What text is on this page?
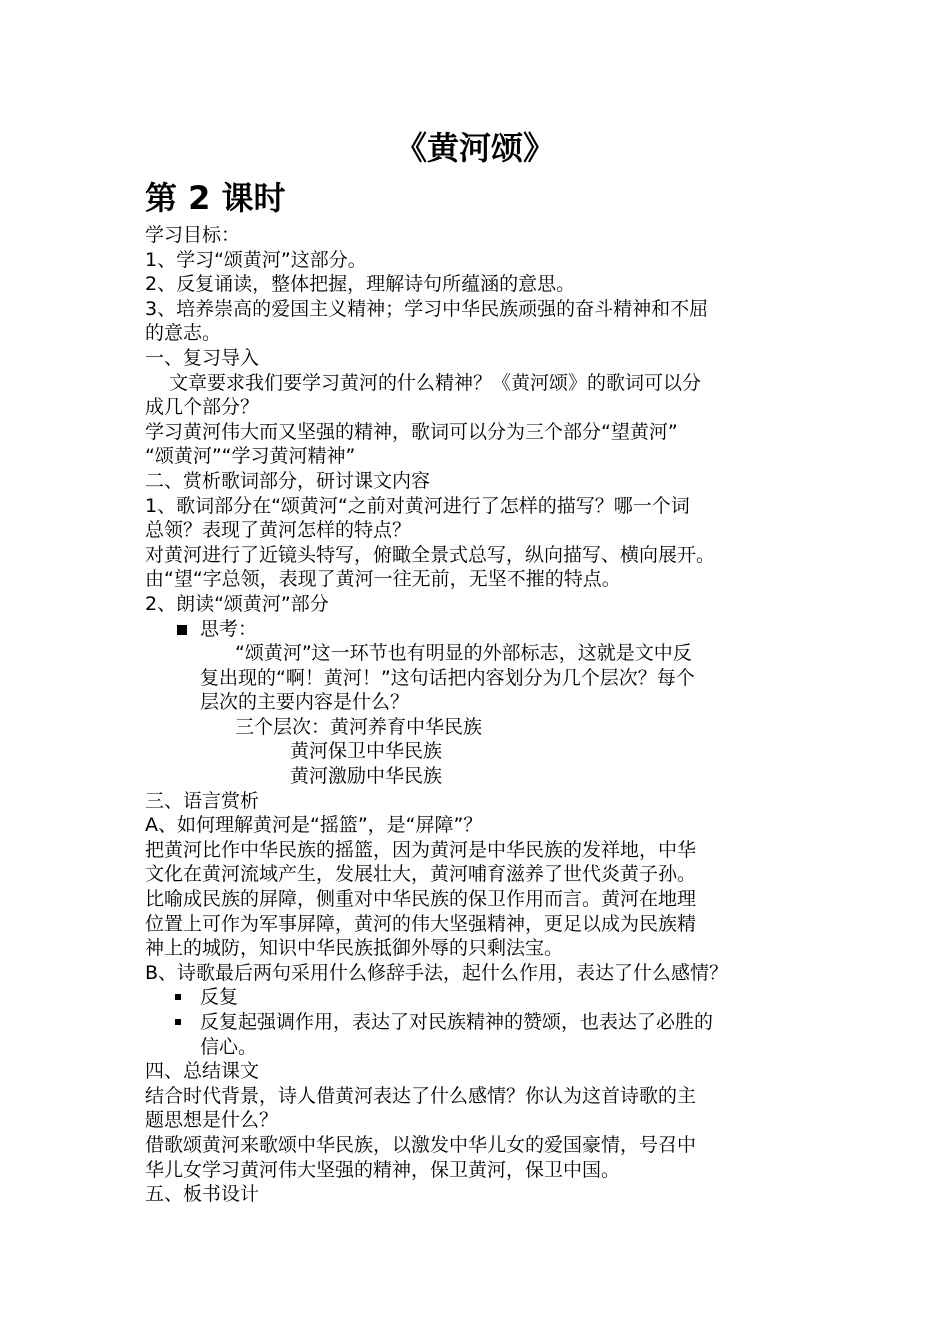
《黄河颂》
第 2 课时

学习目标：

1、学习“颂黄河”这部分。

2、反复诵读，整体把握，理解诗句所蕴涵的意思。

3、培养崇高的爱国主义精神；学习中华民族顽强的奋斗精神和不屈

的意志。

一、复习导入

文章要求我们要学习黄河的什么精神？《黄河颂》的歌词可以分

成几个部分？

学习黄河伟大而又坚强的精神，歌词可以分为三个部分“望黄河”

“颂黄河”“学习黄河精神”

二、赏析歌词部分，研讨课文内容

1、歌词部分在“颂黄河“之前对黄河进行了怎样的描写？哪一个词

总领？表现了黄河怎样的特点？

对黄河进行了近镜头特写，俯瞰全景式总写，纵向描写、横向展开。

由“望“字总领，表现了黄河一往无前，无坚不摧的特点。

2、朗读“颂黄河”部分

思考：

“颂黄河”这一环节也有明显的外部标志，这就是文中反

复出现的“啊！黄河！”这句话把内容划分为几个层次？每个

层次的主要内容是什么？

三个层次：黄河养育中华民族

黄河保卫中华民族

黄河激励中华民族

三、语言赏析

A、如何理解黄河是“摇篮”，是“屏障”？

把黄河比作中华民族的摇篮，因为黄河是中华民族的发祥地，中华

文化在黄河流域产生，发展壮大，黄河哺育滋养了世代炎黄子孙。

比喻成民族的屏障，侧重对中华民族的保卫作用而言。黄河在地理

位置上可作为军事屏障，黄河的伟大坚强精神，更足以成为民族精

神上的城防，知识中华民族抵御外辱的只剩法宝。

B、诗歌最后两句采用什么修辞手法，起什么作用，表达了什么感情？

反复

反复起强调作用，表达了对民族精神的赞颂，也表达了必胜的

信心。

四、总结课文

结合时代背景，诗人借黄河表达了什么感情？你认为这首诗歌的主

题思想是什么？

借歌颂黄河来歌颂中华民族，以激发中华儿女的爱国豪情，号召中

华儿女学习黄河伟大坚强的精神，保卫黄河，保卫中国。

五、板书设计
